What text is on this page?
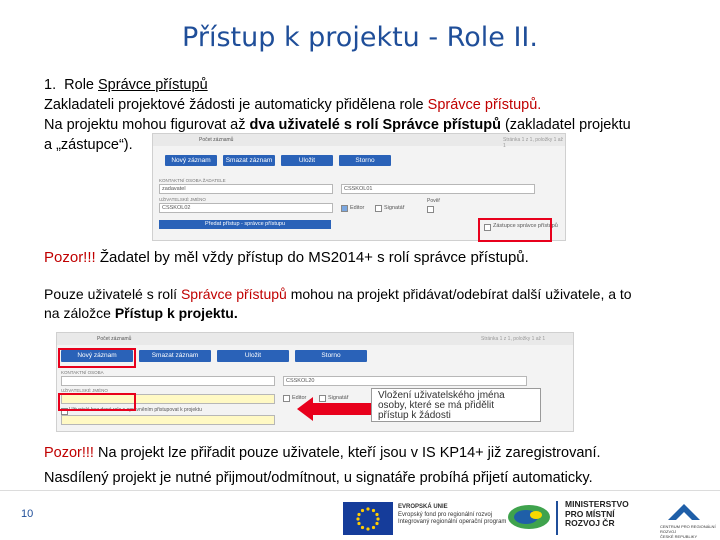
Přístup k projektu - Role II.
1. Role Správce přístupů
Zakladateli projektové žádosti je automaticky přidělena role Správce přístupů.
Na projektu mohou figurovat až dva uživatelé s rolí Správce přístupů (zakladatel projektu
a „zástupce“).	Počet záznamů	Stránka 1 z 1, položky 1 až 1
Nový záznam	Smazat záznam	Uložit	Storno
KONTAKTNÍ OSOBA ŽADATELE
zadavatel	CSSKOL01
UŽIVATELSKÉ JMÉNO
CSSKOL02	Editor	Signatář
Pověř
Předat přístup - správce přístupu	Zástupce správce přístupů
Pozor!!! Žadatel by měl vždy přístup do MS2014+ s rolí správce přístupů.
Pouze uživatelé s rolí Správce přístupů mohou na projekt přidávat/odebírat další uživatele, a to
na záložce Přístup k projektu.
Počet záznamů	Stránka 1 z 1, položky 1 až 1
Nový záznam	Smazat záznam	Uložit	Storno
KONTAKTNÍ OSOBA
CSSKOL20
UŽIVATELSKÉ JMÉNO
Editor	Signatář
Uživatelé bez dané role s oprávněním přistupovat k projektu
Vložení uživatelského jména
osoby, které se má přidělit
přístup k žádosti
Pozor!!! Na projekt lze přiřadit pouze uživatele, kteří jsou v IS KP14+ již zaregistrovaní.
Nasdílený projekt je nutné přijmout/odmítnout, u signatáře probíhá přijetí automaticky.
10
EVROPSKÁ UNIE
Evropský fond pro regionální rozvoj
Integrovaný regionální operační program
MINISTERSTVO
PRO MÍSTNÍ
ROZVOJ ČR	CENTRUM PRO REGIONÁLNÍ ROZVOJ
ČESKÉ REPUBLIKY
